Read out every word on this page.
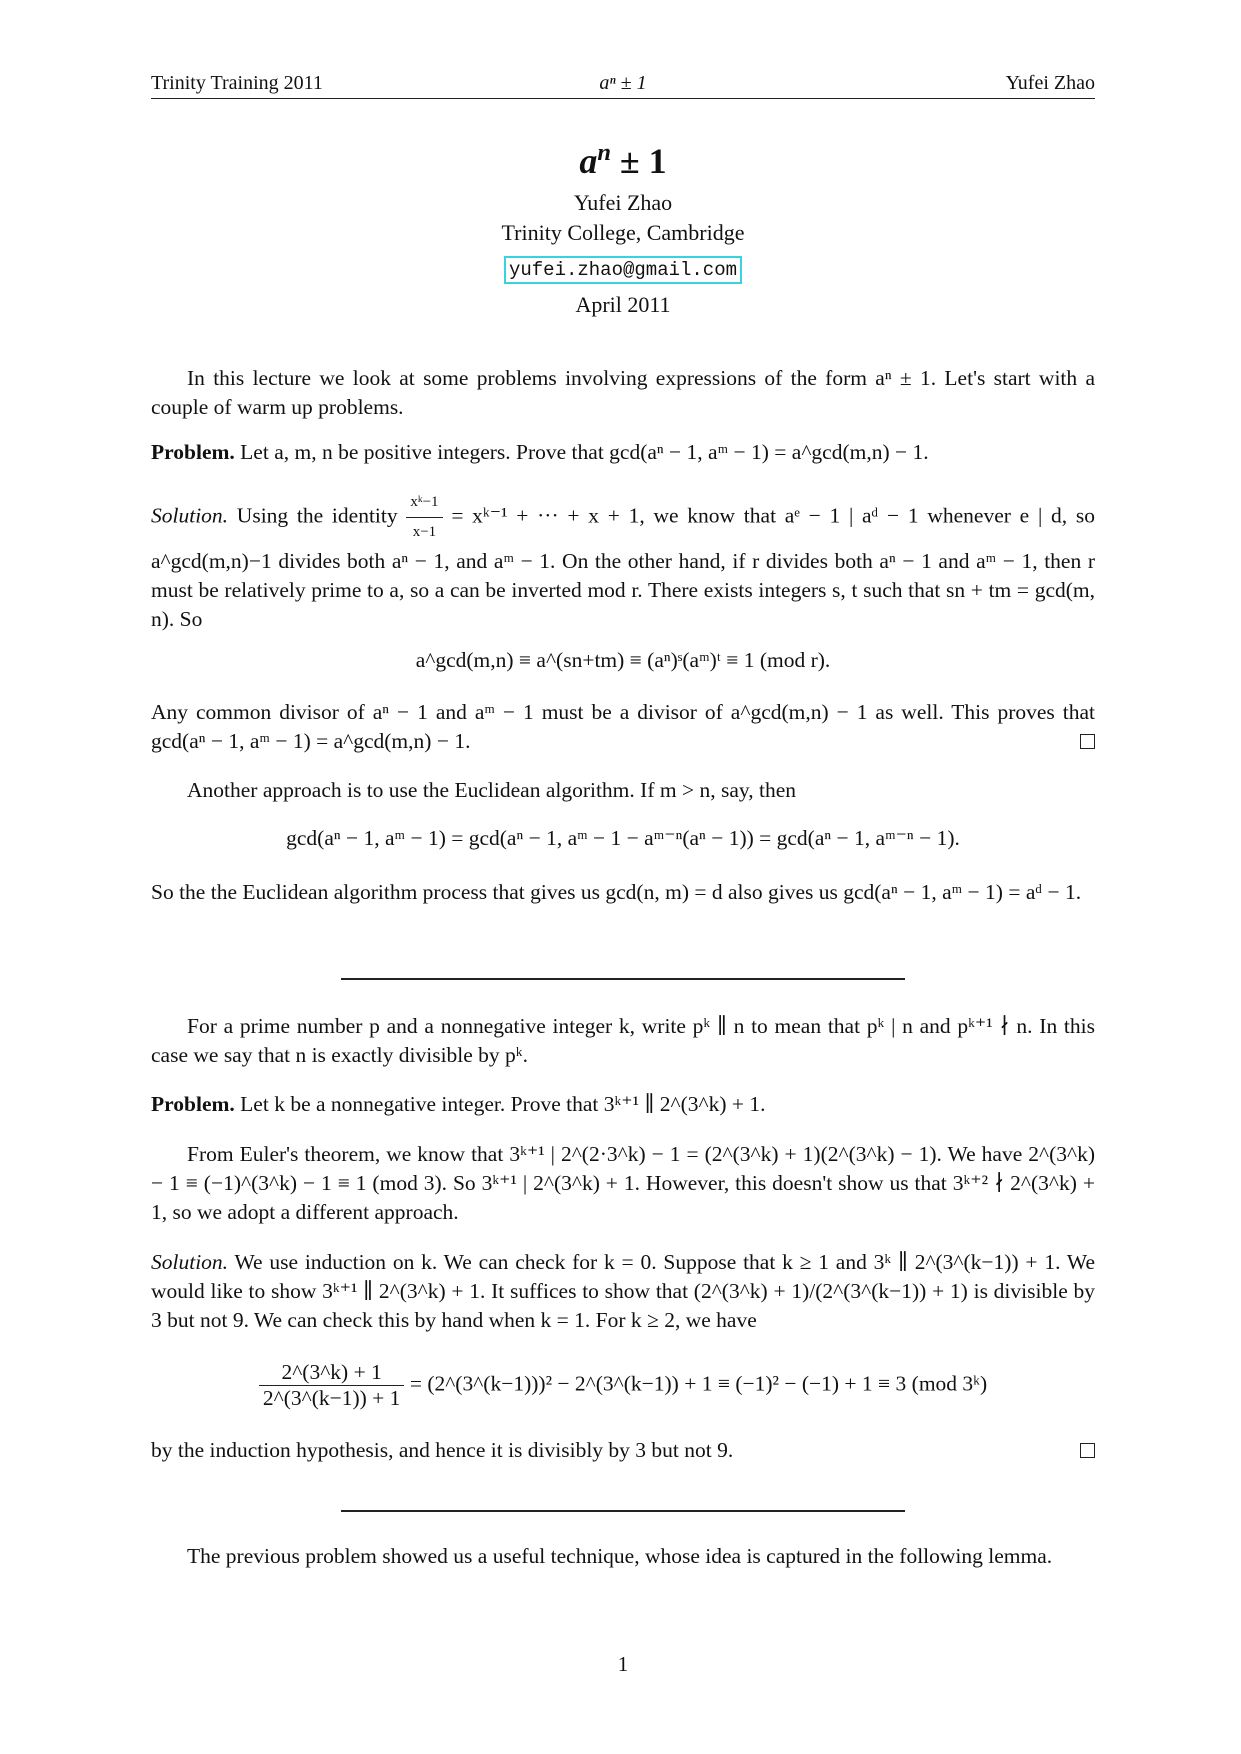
Trinity Training 2011	aⁿ ± 1	Yufei Zhao
$a^n \pm 1$
Yufei Zhao
Trinity College, Cambridge
yufei.zhao@gmail.com
April 2011

In this lecture we look at some problems involving expressions of the form aⁿ ± 1. Let's start with a couple of warm up problems.

Problem. Let a, m, n be positive integers. Prove that gcd(aⁿ − 1, aᵐ − 1) = a^gcd(m,n) − 1.

Solution. Using the identity $\frac{\text{xᵏ−1}}{x-1}$ = xᵏ⁻¹ + ··· + x + 1, we know that aᵉ − 1 | aᵈ − 1 whenever e | d, so a^gcd(m,n)−1 divides both aⁿ − 1, and aᵐ − 1. On the other hand, if r divides both aⁿ − 1 and aᵐ − 1, then r must be relatively prime to a, so a can be inverted mod r. There exists integers s, t such that sn + tm = gcd(m, n). So

a^gcd(m,n) ≡ a^(sn+tm) ≡ (aⁿ)ˢ(aᵐ)ᵗ ≡ 1 (mod r).

Any common divisor of aⁿ − 1 and aᵐ − 1 must be a divisor of a^gcd(m,n) − 1 as well. This proves that gcd(aⁿ − 1, aᵐ − 1) = a^gcd(m,n) − 1.

Another approach is to use the Euclidean algorithm. If m > n, say, then

gcd(aⁿ − 1, aᵐ − 1) = gcd(aⁿ − 1, aᵐ − 1 − aᵐ⁻ⁿ(aⁿ − 1)) = gcd(aⁿ − 1, aᵐ⁻ⁿ − 1).

So the the Euclidean algorithm process that gives us gcd(n, m) = d also gives us gcd(aⁿ − 1, aᵐ − 1) = aᵈ − 1.

For a prime number p and a nonnegative integer k, write pᵏ ∥ n to mean that pᵏ | n and pᵏ⁺¹ ∤ n. In this case we say that n is exactly divisible by pᵏ.

Problem. Let k be a nonnegative integer. Prove that 3ᵏ⁺¹ ∥ 2^(3^k) + 1.

From Euler's theorem, we know that 3ᵏ⁺¹ | 2^(2·3^k) − 1 = (2^(3^k) + 1)(2^(3^k) − 1). We have 2^(3^k) − 1 ≡ (−1)^(3^k) − 1 ≡ 1 (mod 3). So 3ᵏ⁺¹ | 2^(3^k) + 1. However, this doesn't show us that 3ᵏ⁺² ∤ 2^(3^k) + 1, so we adopt a different approach.

Solution. We use induction on k. We can check for k = 0. Suppose that k ≥ 1 and 3ᵏ ∥ 2^(3^(k−1)) + 1. We would like to show 3ᵏ⁺¹ ∥ 2^(3^k) + 1. It suffices to show that (2^(3^k) + 1)/(2^(3^(k−1)) + 1) is divisible by 3 but not 9. We can check this by hand when k = 1. For k ≥ 2, we have

$\frac{2\^{}(3\^{}k) + 1}{2\^{}(3\^{}(k-1)) + 1}$ = (2^(3^(k−1)))² − 2^(3^(k−1)) + 1 ≡ (−1)² − (−1) + 1 ≡ 3 (mod 3ᵏ)

by the induction hypothesis, and hence it is divisibly by 3 but not 9.

The previous problem showed us a useful technique, whose idea is captured in the following lemma.

1
